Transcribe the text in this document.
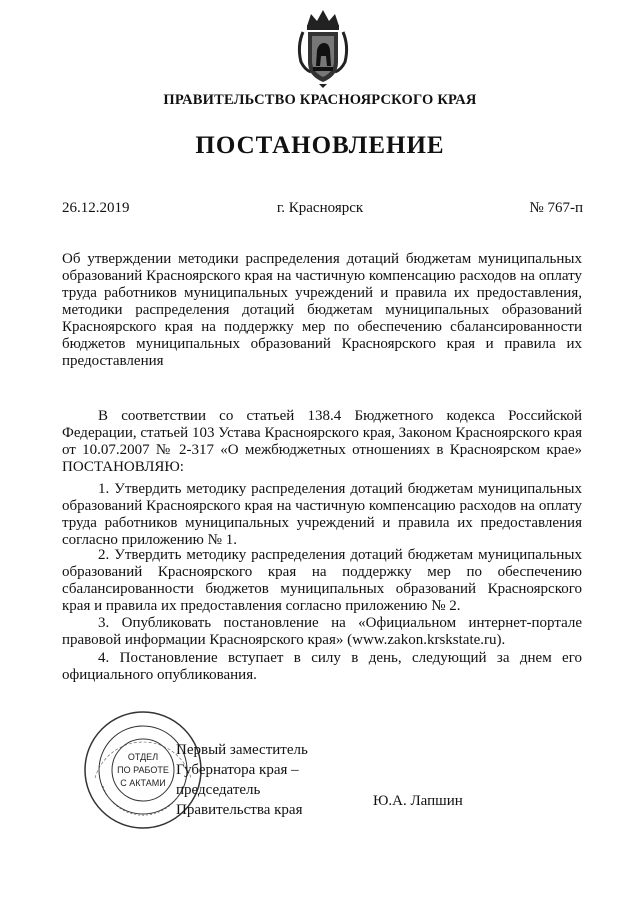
ПРАВИТЕЛЬСТВО КРАСНОЯРСКОГО КРАЯ
ПОСТАНОВЛЕНИЕ
26.12.2019	г. Красноярск	№ 767-п

Об утверждении методики распределения дотаций бюджетам муниципальных образований Красноярского края на частичную компенсацию расходов на оплату труда работников муниципальных учреждений и правила их предоставления, методики распределения дотаций бюджетам муниципальных образований Красноярского края на поддержку мер по обеспечению сбалансированности бюджетов муниципальных образований Красноярского края и правила их предоставления

В соответствии со статьей 138.4 Бюджетного кодекса Российской Федерации, статьей 103 Устава Красноярского края, Законом Красноярского края от 10.07.2007 № 2-317 «О межбюджетных отношениях в Красноярском крае» ПОСТАНОВЛЯЮ:

1. Утвердить методику распределения дотаций бюджетам муниципальных образований Красноярского края на частичную компенсацию расходов на оплату труда работников муниципальных учреждений и правила их предоставления согласно приложению № 1.

2. Утвердить методику распределения дотаций бюджетам муниципальных образований Красноярского края на поддержку мер по обеспечению сбалансированности бюджетов муниципальных образований Красноярского края и правила их предоставления согласно приложению № 2.

3. Опубликовать постановление на «Официальном интернет-портале правовой информации Красноярского края» (www.zakon.krskstate.ru).

4. Постановление вступает в силу в день, следующий за днем его официального опубликования.

ОТДЕЛ
ПО РАБОТЕ
С АКТАМИ
Первый заместитель
Губернатора края –
председатель
Правительства края
Ю.А. Лапшин
